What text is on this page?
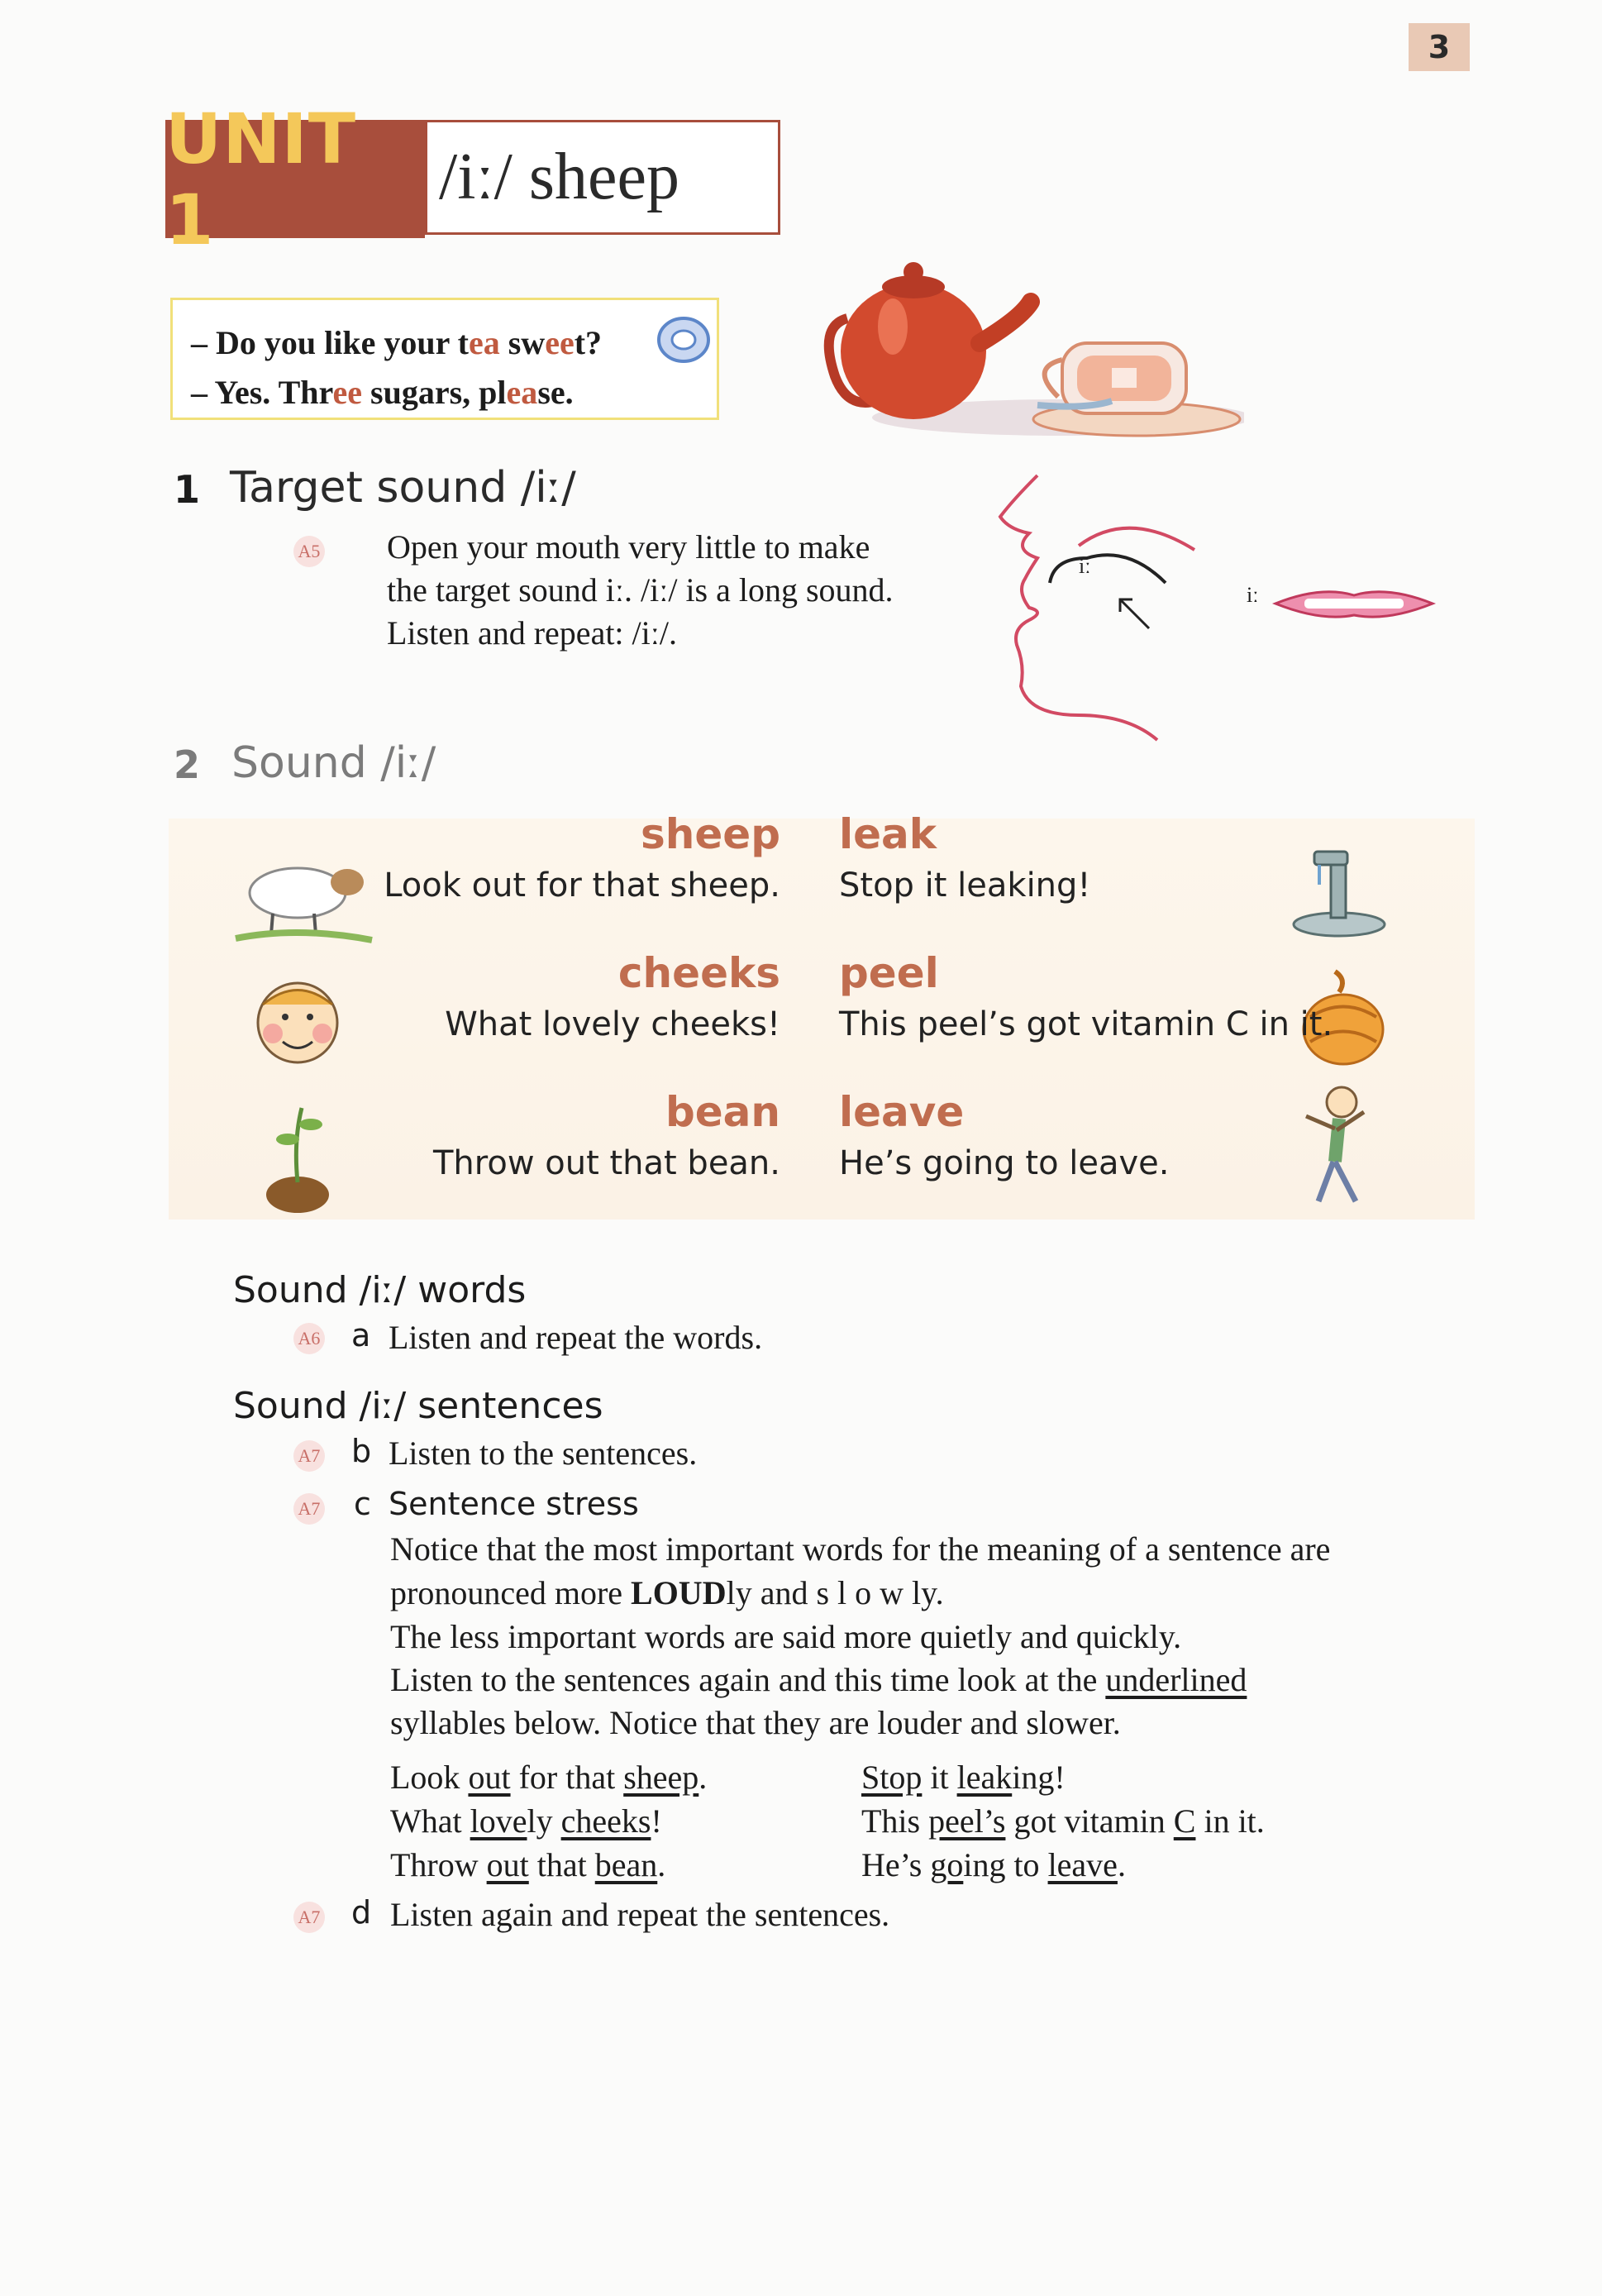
3
UNIT 1
/iː/ sheep
– Do you like your tea sweet?
– Yes. Three sugars, please.
1 Target sound /iː/
A5 Open your mouth very little to make
the target sound iː. /iː/ is a long sound.
Listen and repeat: /iː/.
iː
iː
2 Sound /iː/
sheep
Look out for that sheep.
cheeks
What lovely cheeks!
bean
Throw out that bean.
leak
Stop it leaking!
peel
This peel’s got vitamin C in it.
leave
He’s going to leave.
Sound /iː/ words
A6 a Listen and repeat the words.
Sound /iː/ sentences
A7 b Listen to the sentences.
A7 c Sentence stress
Notice that the most important words for the meaning of a sentence are
pronounced more LOUDly and s l o w ly.
The less important words are said more quietly and quickly.
Listen to the sentences again and this time look at the underlined
syllables below. Notice that they are louder and slower.
Look out for that sheep.
What lovely cheeks!
Throw out that bean.
Stop it leaking!
This peel’s got vitamin C in it.
He’s going to leave.
A7 d Listen again and repeat the sentences.
